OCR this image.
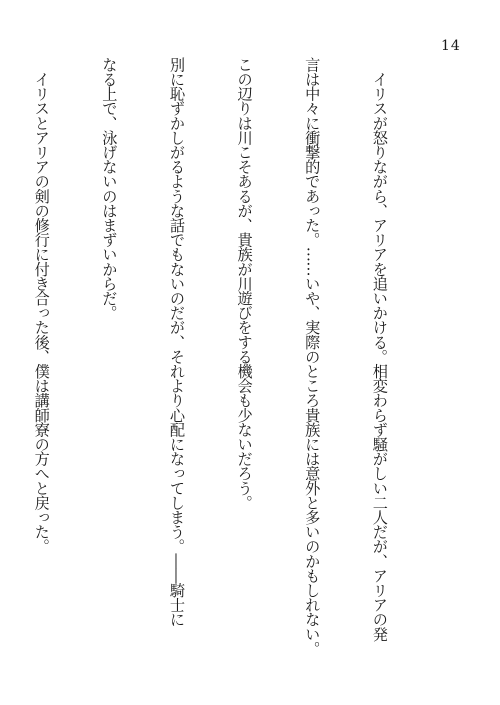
14

　イリスが怒りながら、アリアを追いかける。相変わらず騒がしい二人だが、アリアの発

言は中々に衝撃的であった。……いや、実際のところ貴族には意外と多いのかもしれない。

この辺りは川こそあるが、貴族が川遊びをする機会も少ないだろう。

別に恥ずかしがるような話でもないのだが、それより心配になってしまう。――騎士に

なる上で、泳げないのはまずいからだ。

　イリスとアリアの剣の修行に付き合った後、僕は講師寮の方へと戻った。
